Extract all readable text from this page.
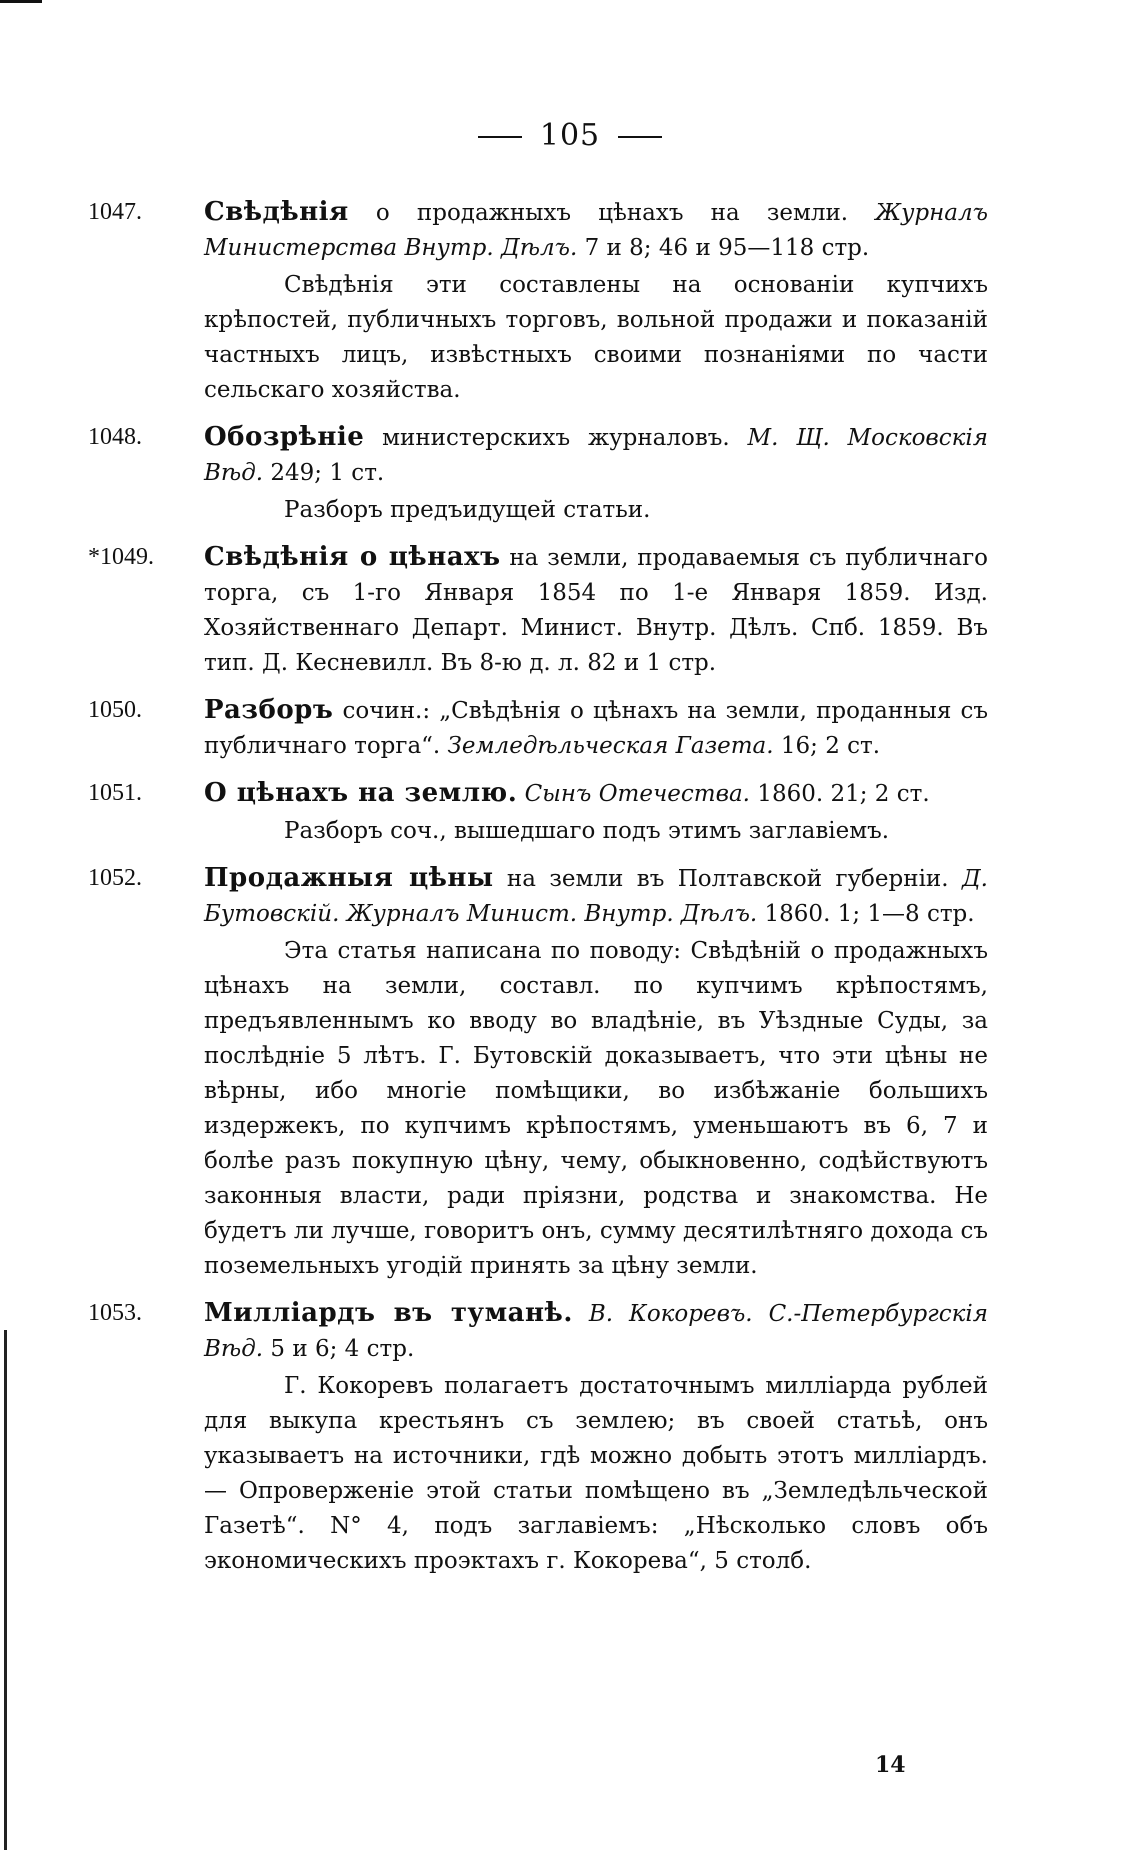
105
1047.	Свѣдѣнія о продажныхъ цѣнахъ на земли. Журналъ Министерства Внутр. Дѣлъ. 7 и 8; 46 и 95—118 стр.
Свѣдѣнія эти составлены на основаніи купчихъ крѣпостей, публичныхъ торговъ, вольной продажи и показаній частныхъ лицъ, извѣстныхъ своими познаніями по части сельскаго хозяйства.
1048.	Обозрѣніе министерскихъ журналовъ. М. Щ. Московскія Вѣд. 249; 1 ст.
Разборъ предъидущей статьи.
*1049.	Свѣдѣнія о цѣнахъ на земли, продаваемыя съ публичнаго торга, съ 1-го Января 1854 по 1-е Января 1859. Изд. Хозяйственнаго Департ. Минист. Внутр. Дѣлъ. Спб. 1859. Въ тип. Д. Кесневилл. Въ 8-ю д. л. 82 и 1 стр.
1050.	Разборъ сочин.: „Свѣдѣнія о цѣнахъ на земли, проданныя съ публичнаго торга“. Земледѣльческая Газета. 16; 2 ст.
1051.	О цѣнахъ на землю. Сынъ Отечества. 1860. 21; 2 ст.
Разборъ соч., вышедшаго подъ этимъ заглавіемъ.
1052.	Продажныя цѣны на земли въ Полтавской губерніи. Д. Бутовскій. Журналъ Минист. Внутр. Дѣлъ. 1860. 1; 1—8 стр.
Эта статья написана по поводу: Свѣдѣній о продажныхъ цѣнахъ на земли, составл. по купчимъ крѣпостямъ, предъявленнымъ ко вводу во владѣніе, въ Уѣздные Суды, за послѣдніе 5 лѣтъ. Г. Бутовскій доказываетъ, что эти цѣны не вѣрны, ибо многіе помѣщики, во избѣжаніе большихъ издержекъ, по купчимъ крѣпостямъ, уменьшаютъ въ 6, 7 и болѣе разъ покупную цѣну, чему, обыкновенно, содѣйствуютъ законныя власти, ради пріязни, родства и знакомства. Не будетъ ли лучше, говоритъ онъ, сумму десятилѣтняго дохода съ поземельныхъ угодій принять за цѣну земли.
1053.	Милліардъ въ туманѣ. В. Кокоревъ. С.-Петербургскія Вѣд. 5 и 6; 4 стр.
Г. Кокоревъ полагаетъ достаточнымъ милліарда рублей для выкупа крестьянъ съ землею; въ своей статьѣ, онъ указываетъ на источники, гдѣ можно добыть этотъ милліардъ. — Опроверженіе этой статьи помѣщено въ „Земледѣльческой Газетѣ“. N° 4, подъ заглавіемъ: „Нѣсколько словъ объ экономическихъ проэктахъ г. Кокорева“, 5 столб.
14
